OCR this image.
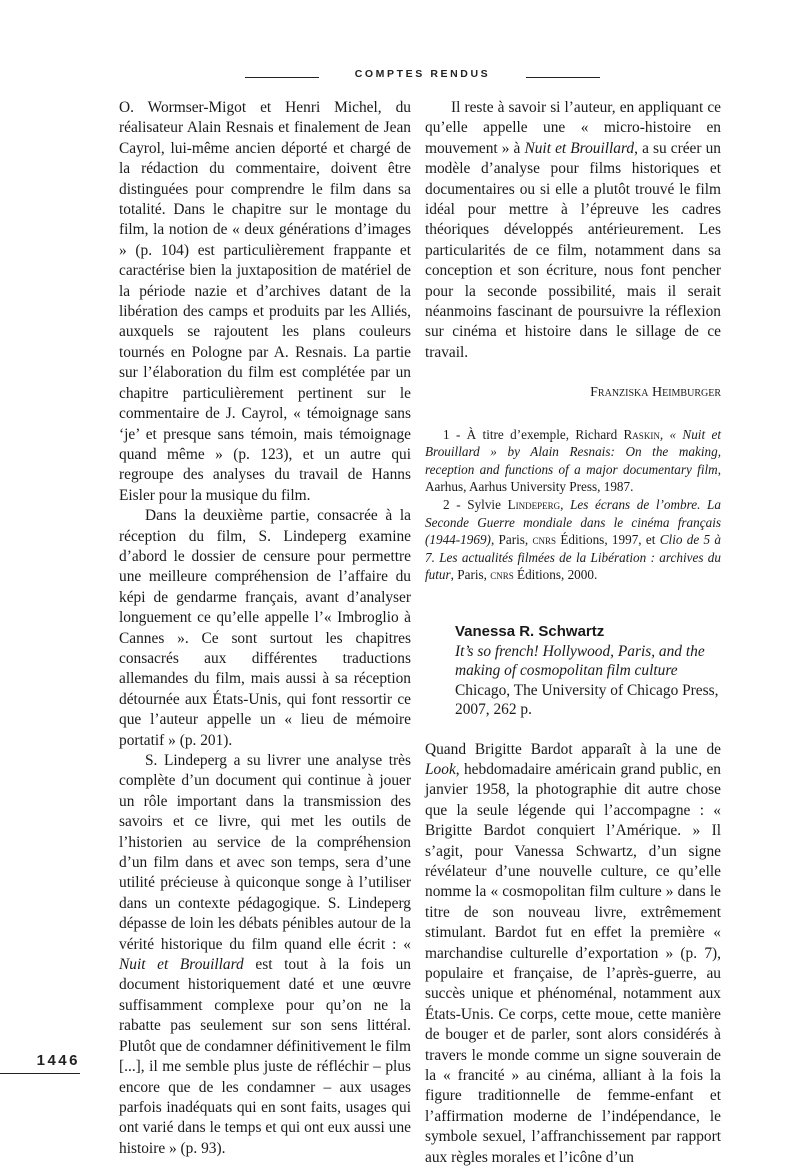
COMPTES RENDUS

O. Wormser-Migot et Henri Michel, du réalisateur Alain Resnais et finalement de Jean Cayrol, lui-même ancien déporté et chargé de la rédaction du commentaire, doivent être distinguées pour comprendre le film dans sa totalité. Dans le chapitre sur le montage du film, la notion de « deux générations d’images » (p. 104) est particulièrement frappante et caractérise bien la juxtaposition de matériel de la période nazie et d’archives datant de la libération des camps et produits par les Alliés, auxquels se rajoutent les plans couleurs tournés en Pologne par A. Resnais. La partie sur l’élaboration du film est complétée par un chapitre particulièrement pertinent sur le commentaire de J. Cayrol, « témoignage sans ‘je’ et presque sans témoin, mais témoignage quand même » (p. 123), et un autre qui regroupe des analyses du travail de Hanns Eisler pour la musique du film.

Dans la deuxième partie, consacrée à la réception du film, S. Lindeperg examine d’abord le dossier de censure pour permettre une meilleure compréhension de l’affaire du képi de gendarme français, avant d’analyser longuement ce qu’elle appelle l’« Imbroglio à Cannes ». Ce sont surtout les chapitres consacrés aux différentes traductions allemandes du film, mais aussi à sa réception détournée aux États-Unis, qui font ressortir ce que l’auteur appelle un « lieu de mémoire portatif » (p. 201).

S. Lindeperg a su livrer une analyse très complète d’un document qui continue à jouer un rôle important dans la transmission des savoirs et ce livre, qui met les outils de l’historien au service de la compréhension d’un film dans et avec son temps, sera d’une utilité précieuse à quiconque songe à l’utiliser dans un contexte pédagogique. S. Lindeperg dépasse de loin les débats pénibles autour de la vérité historique du film quand elle écrit : « Nuit et Brouillard est tout à la fois un document historiquement daté et une œuvre suffisamment complexe pour qu’on ne la rabatte pas seulement sur son sens littéral. Plutôt que de condamner définitivement le film [...], il me semble plus juste de réfléchir – plus encore que de les condamner – aux usages parfois inadéquats qui en sont faits, usages qui ont varié dans le temps et qui ont eux aussi une histoire » (p. 93).

Il reste à savoir si l’auteur, en appliquant ce qu’elle appelle une « micro-histoire en mouvement » à Nuit et Brouillard, a su créer un modèle d’analyse pour films historiques et documentaires ou si elle a plutôt trouvé le film idéal pour mettre à l’épreuve les cadres théoriques développés antérieurement. Les particularités de ce film, notamment dans sa conception et son écriture, nous font pencher pour la seconde possibilité, mais il serait néanmoins fascinant de poursuivre la réflexion sur cinéma et histoire dans le sillage de ce travail.

Franziska Heimburger

1 - À titre d’exemple, Richard Raskin, « Nuit et Brouillard » by Alain Resnais: On the making, reception and functions of a major documentary film, Aarhus, Aarhus University Press, 1987.

2 - Sylvie Lindeperg, Les écrans de l’ombre. La Seconde Guerre mondiale dans le cinéma français (1944-1969), Paris, cnrs Éditions, 1997, et Clio de 5 à 7. Les actualités filmées de la Libération : archives du futur, Paris, cnrs Éditions, 2000.

Vanessa R. Schwartz
It’s so french! Hollywood, Paris, and the making of cosmopolitan film culture
Chicago, The University of Chicago Press, 2007, 262 p.

Quand Brigitte Bardot apparaît à la une de Look, hebdomadaire américain grand public, en janvier 1958, la photographie dit autre chose que la seule légende qui l’accompagne : « Brigitte Bardot conquiert l’Amérique. » Il s’agit, pour Vanessa Schwartz, d’un signe révélateur d’une nouvelle culture, ce qu’elle nomme la « cosmopolitan film culture » dans le titre de son nouveau livre, extrêmement stimulant. Bardot fut en effet la première « marchandise culturelle d’exportation » (p. 7), populaire et française, de l’après-guerre, au succès unique et phénoménal, notamment aux États-Unis. Ce corps, cette moue, cette manière de bouger et de parler, sont alors considérés à travers le monde comme un signe souverain de la « francité » au cinéma, alliant à la fois la figure traditionnelle de femme-enfant et l’affirmation moderne de l’indépendance, le symbole sexuel, l’affranchissement par rapport aux règles morales et l’icône d’un

1446
